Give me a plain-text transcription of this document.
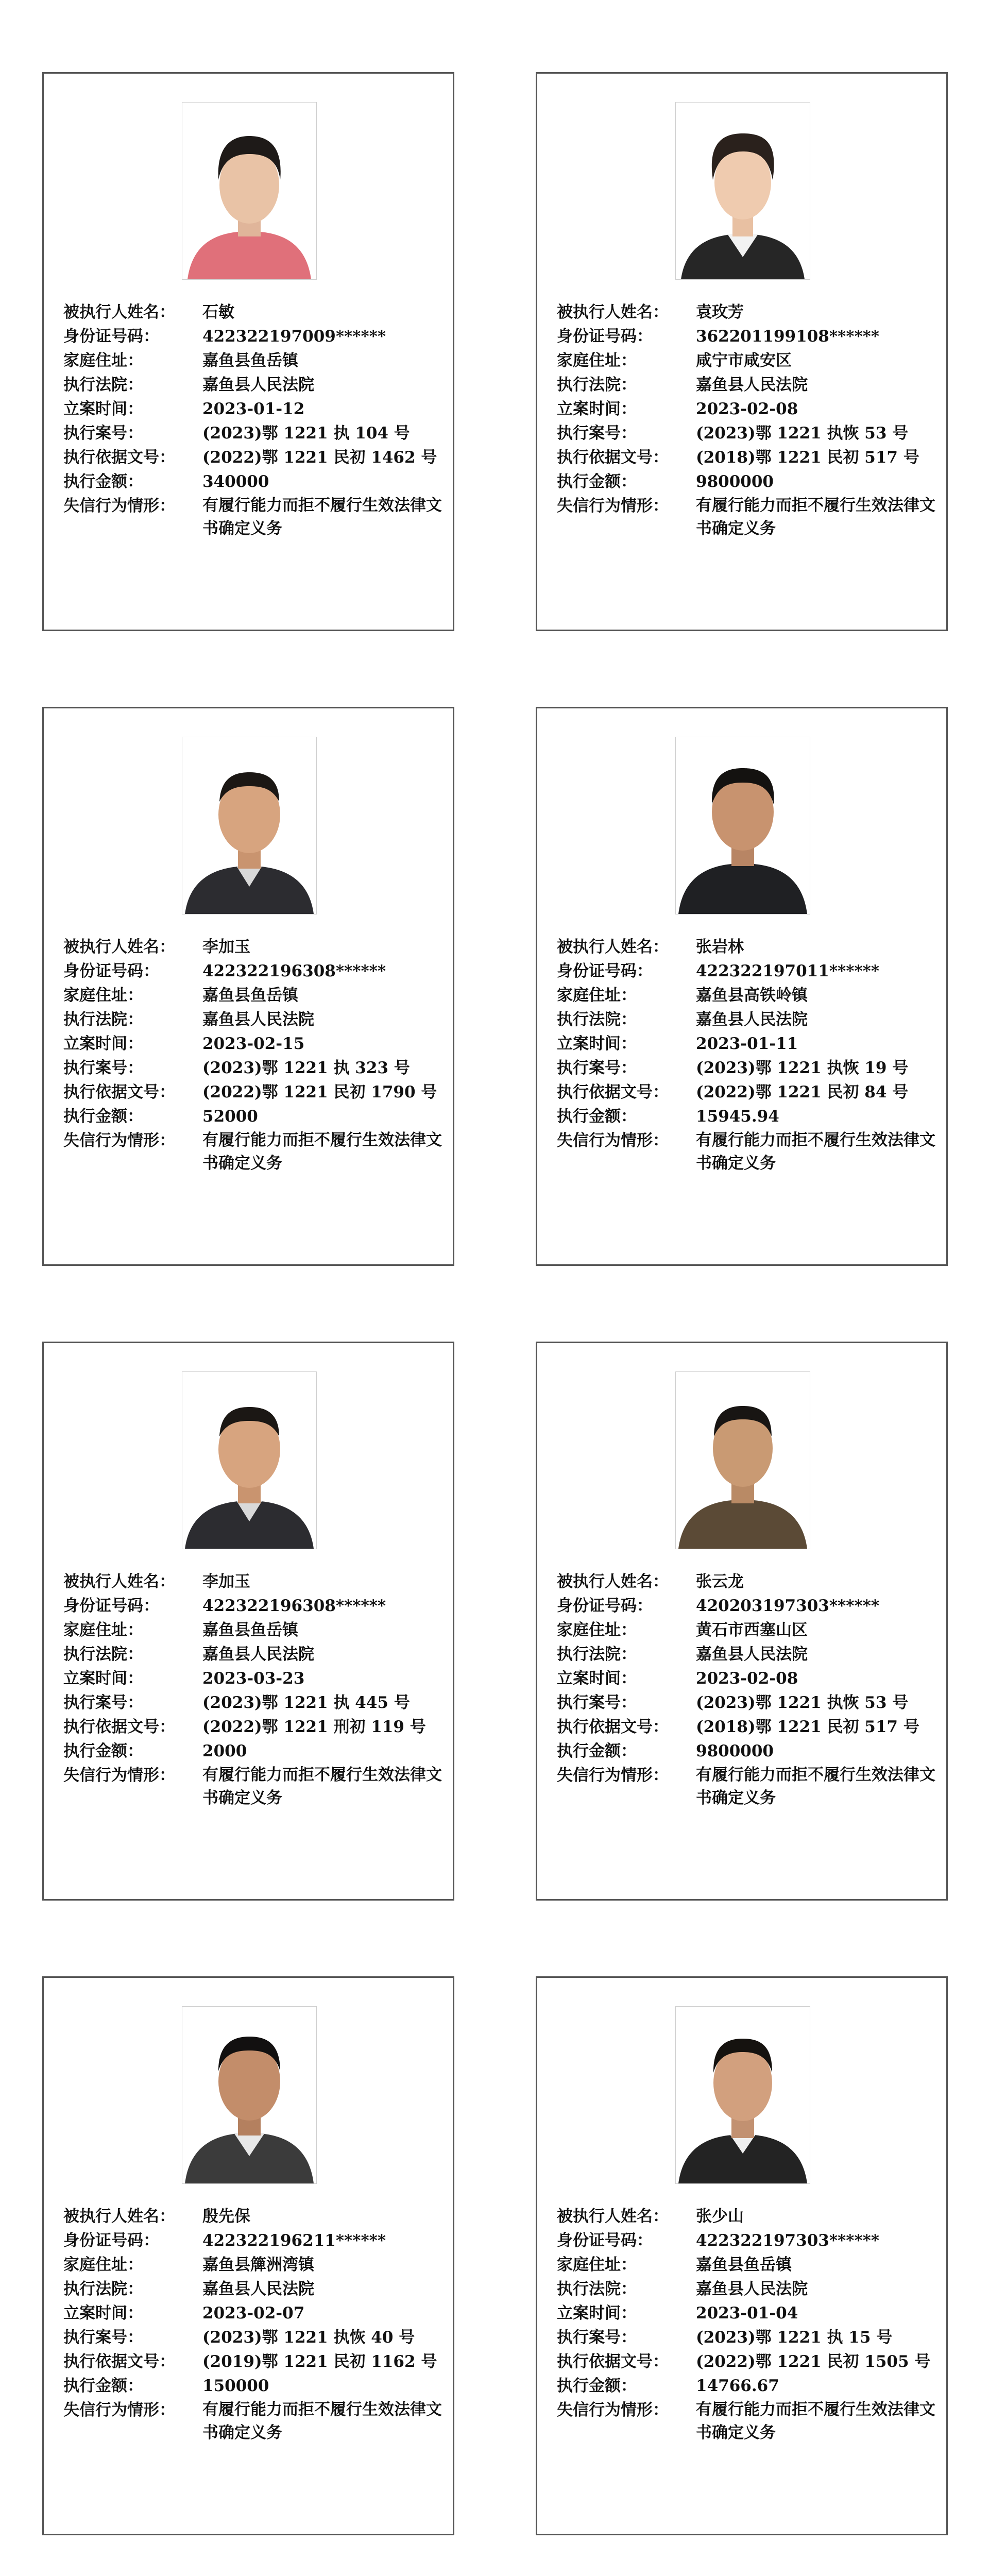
被执行人姓名：	石敏
身份证号码：	422322197009******
家庭住址：	嘉鱼县鱼岳镇
执行法院：	嘉鱼县人民法院
立案时间：	2023-01-12
执行案号：	(2023)鄂 1221 执 104 号
执行依据文号：	(2022)鄂 1221 民初 1462 号
执行金额：	340000
失信行为情形：	有履行能力而拒不履行生效法律文书确定义务
被执行人姓名：	袁玫芳
身份证号码：	362201199108******
家庭住址：	咸宁市咸安区
执行法院：	嘉鱼县人民法院
立案时间：	2023-02-08
执行案号：	(2023)鄂 1221 执恢 53 号
执行依据文号：	(2018)鄂 1221 民初 517 号
执行金额：	9800000
失信行为情形：	有履行能力而拒不履行生效法律文书确定义务
被执行人姓名：	李加玉
身份证号码：	422322196308******
家庭住址：	嘉鱼县鱼岳镇
执行法院：	嘉鱼县人民法院
立案时间：	2023-02-15
执行案号：	(2023)鄂 1221 执 323 号
执行依据文号：	(2022)鄂 1221 民初 1790 号
执行金额：	52000
失信行为情形：	有履行能力而拒不履行生效法律文书确定义务
被执行人姓名：	张岩林
身份证号码：	422322197011******
家庭住址：	嘉鱼县高铁岭镇
执行法院：	嘉鱼县人民法院
立案时间：	2023-01-11
执行案号：	(2023)鄂 1221 执恢 19 号
执行依据文号：	(2022)鄂 1221 民初 84 号
执行金额：	15945.94
失信行为情形：	有履行能力而拒不履行生效法律文书确定义务
被执行人姓名：	李加玉
身份证号码：	422322196308******
家庭住址：	嘉鱼县鱼岳镇
执行法院：	嘉鱼县人民法院
立案时间：	2023-03-23
执行案号：	(2023)鄂 1221 执 445 号
执行依据文号：	(2022)鄂 1221 刑初 119 号
执行金额：	2000
失信行为情形：	有履行能力而拒不履行生效法律文书确定义务
被执行人姓名：	张云龙
身份证号码：	420203197303******
家庭住址：	黄石市西塞山区
执行法院：	嘉鱼县人民法院
立案时间：	2023-02-08
执行案号：	(2023)鄂 1221 执恢 53 号
执行依据文号：	(2018)鄂 1221 民初 517 号
执行金额：	9800000
失信行为情形：	有履行能力而拒不履行生效法律文书确定义务
被执行人姓名：	殷先保
身份证号码：	422322196211******
家庭住址：	嘉鱼县簰洲湾镇
执行法院：	嘉鱼县人民法院
立案时间：	2023-02-07
执行案号：	(2023)鄂 1221 执恢 40 号
执行依据文号：	(2019)鄂 1221 民初 1162 号
执行金额：	150000
失信行为情形：	有履行能力而拒不履行生效法律文书确定义务
被执行人姓名：	张少山
身份证号码：	422322197303******
家庭住址：	嘉鱼县鱼岳镇
执行法院：	嘉鱼县人民法院
立案时间：	2023-01-04
执行案号：	(2023)鄂 1221 执 15 号
执行依据文号：	(2022)鄂 1221 民初 1505 号
执行金额：	14766.67
失信行为情形：	有履行能力而拒不履行生效法律文书确定义务
